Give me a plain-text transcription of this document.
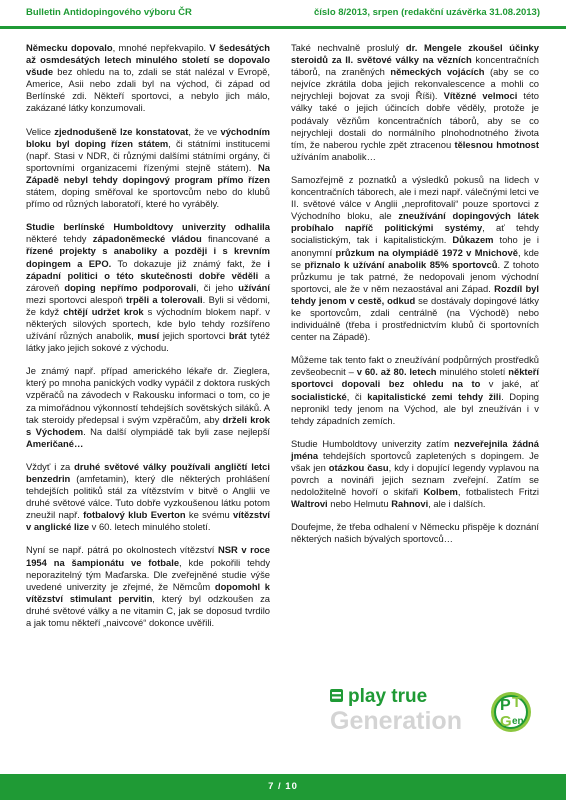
Bulletin Antidopingového výboru ČR	číslo 8/2013, srpen (redakční uzávěrka 31.08.2013)

Německu dopovalo, mnohé nepřekvapilo. V šedesátých až osmdesátých letech minulého století se dopovalo všude bez ohledu na to, zdali se stát nalézal v Evropě, Americe, Asii nebo zdali byl na východ, či západ od Berlínské zdi. Někteří sportovci, a nebylo jich málo, zakázané látky konzumovali.

Velice zjednodušeně lze konstatovat, že ve východním bloku byl doping řízen státem, či státními institucemi (např. Stasi v NDR, či různými dalšími státními orgány, či sportovními organizacemi řízenými stejně státem). Na Západě nebyl tehdy dopingový program přímo řízen státem, doping směřoval ke sportovcům nebo do klubů přímo od různých laboratoří, které ho vyráběly.

Studie berlínské Humboldtovy univerzity odhalila některé tehdy západoněmecké vládou financované a řízené projekty s anaboliky a později i s krevním dopingem a EPO. To dokazuje již známý fakt, že i západní politici o této skutečnosti dobře věděli a zároveň doping nepřímo podporovali, či jeho užívání mezi sportovci alespoň trpěli a tolerovali. Byli si vědomi, že když chtějí udržet krok s východním blokem např. v některých silových sportech, kde bylo tehdy rozšířeno užívání různých anabolik, musí jejich sportovci brát tytéž látky jako jejich sokové z východu.

Je známý např. případ amerického lékaře dr. Zieglera, který po mnoha panických vodky vypáčil z doktora ruských vzpěračů na závodech v Rakousku informaci o tom, co je za mimořádnou výkonností tehdejších sovětských siláků. A tak steroidy předepsal i svým vzpěračům, aby drželi krok s Východem. Na další olympiádě tak byli zase nejlepší Američané…

Vždyť i za druhé světové války používali angličtí letci benzedrin (amfetamin), který dle některých prohlášení tehdejších politiků stál za vítězstvím v bitvě o Anglii ve druhé světové válce. Tuto dobře vyzkoušenou látku potom zneužil např. fotbalový klub Everton ke svému vítězství v anglické lize v 60. letech minulého století.

Nyní se např. pátrá po okolnostech vítězství NSR v roce 1954 na šampionátu ve fotbale, kde pokořili tehdy neporazitelný tým Maďarska. Dle zveřejněné studie výše uvedené univerzity je zřejmé, že Němcům dopomohl k vítězství stimulant pervitin, který byl odzkoušen za druhé světové války a ne vitamin C, jak se doposud tvrdilo a jak tomu někteří „naivcové“ dokonce uvěřili.

Také nechvalně proslulý dr. Mengele zkoušel účinky steroidů za II. světové války na vězních koncentračních táborů, na zraněných německých vojácích (aby se co nejvíce zkrátila doba jejich rekonvalescence a mohli co nejrychleji bojovat za svoji Říši). Vítězné velmoci této války také o jejich účincích dobře věděly, protože je podávaly vězňům koncentračních táborů, aby se co nejrychleji dostali do normálního plnohodnotného života tím, že naberou rychle zpět ztracenou tělesnou hmotnost užíváním anabolik…

Samozřejmě z poznatků a výsledků pokusů na lidech v koncentračních táborech, ale i mezi např. válečnými letci ve II. světové válce v Anglii „neprofitovali“ pouze sportovci z Východního bloku, ale zneužívání dopingových látek probíhalo napříč politickými systémy, ať tehdy socialistickým, tak i kapitalistickým. Důkazem toho je i anonymní průzkum na olympiádě 1972 v Mnichově, kde se přiznalo k užívání anabolik 85% sportovců. Z tohoto průzkumu je tak patrné, že nedopovali jenom východní sportovci, ale že v něm nezaostával ani Západ. Rozdíl byl tehdy jenom v cestě, odkud se dostávaly dopingové látky ke sportovcům, zdali centrálně (na Východě) nebo individuálně (třeba i prostřednictvím klubů či sportovních center na Západě).

Můžeme tak tento fakt o zneužívání podpůrných prostředků zevšeobecnit – v 60. až 80. letech minulého století někteří sportovci dopovali bez ohledu na to v jaké, ať socialistické, či kapitalistické zemi tehdy žili. Doping nepronikl tedy jenom na Východ, ale byl zneužíván i v tehdy západních zemích.

Studie Humboldtovy univerzity zatím nezveřejnila žádná jména tehdejších sportovců zapletených s dopingem. Je však jen otázkou času, kdy i dopující legendy vyplavou na povrch a novináři jejich seznam zveřejní. Zatím se nedoložitelně hovoří o skifaři Kolbem, fotbalistech Fritzi Waltrovi nebo Helmutu Rahnovi, ale i dalších.

Doufejme, že třeba odhalení v Německu přispěje k doznání některých našich bývalých sportovců…

play true
Generation
P T
G en
7 / 10
